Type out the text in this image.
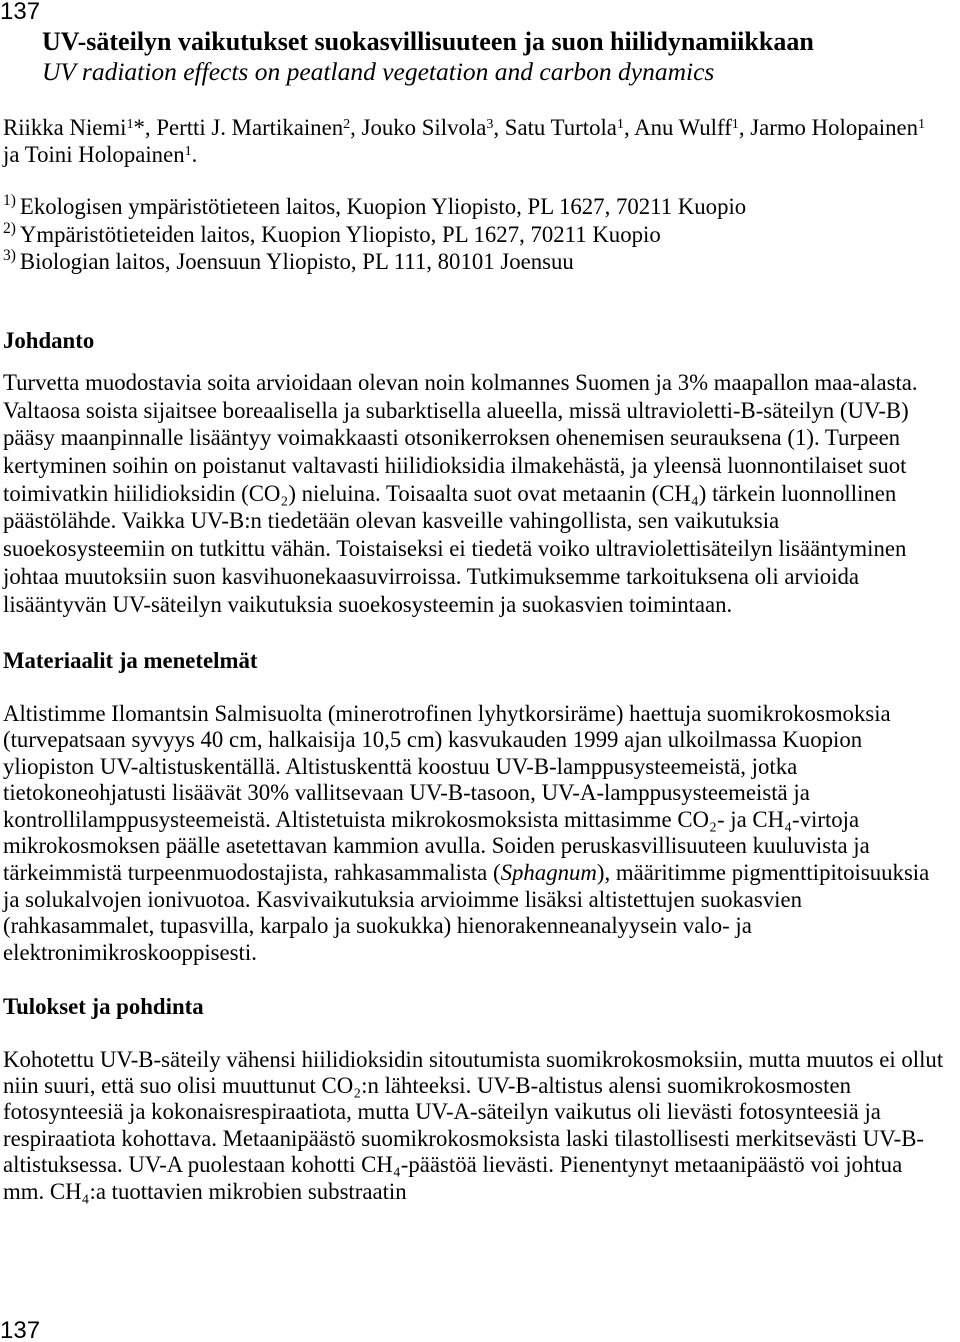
137
UV-säteilyn vaikutukset suokasvillisuuteen ja suon hiilidynamiikkaan
UV radiation effects on peatland vegetation and carbon dynamics
Riikka Niemi$^1$*, Pertti J. Martikainen$^2$, Jouko Silvola$^3$, Satu Turtola$^1$, Anu Wulff$^1$, Jarmo Holopainen$^1$
ja Toini Holopainen$^1$.
$^{1)}$ Ekologisen ympäristötieteen laitos, Kuopion Yliopisto, PL 1627, 70211 Kuopio
$^{2)}$ Ympäristötieteiden laitos, Kuopion Yliopisto, PL 1627, 70211 Kuopio
$^{3)}$ Biologian laitos, Joensuun Yliopisto, PL 111, 80101 Joensuu
Johdanto
Turvetta muodostavia soita arvioidaan olevan noin kolmannes Suomen ja 3% maapallon maa-alasta.
Valtaosa soista sijaitsee boreaalisella ja subarktisella alueella, missä ultravioletti-B-säteilyn (UV-B)
pääsy maanpinnalle lisääntyy voimakkaasti otsonikerroksen ohenemisen seurauksena (1). Turpeen
kertyminen soihin on poistanut valtavasti hiilidioksidia ilmakehästä, ja yleensä luonnontilaiset suot
toimivatkin hiilidioksidin (CO₂) nieluina. Toisaalta suot ovat metaanin (CH₄) tärkein luonnollinen
päästölähde. Vaikka UV-B:n tiedetään olevan kasveille vahingollista, sen vaikutuksia
suoekosysteemiin on tutkittu vähän. Toistaiseksi ei tiedetä voiko ultraviolettisäteilyn lisääntyminen
johtaa muutoksiin suon kasvihuonekaasuvirroissa. Tutkimuksemme tarkoituksena oli arvioida
lisääntyvän UV-säteilyn vaikutuksia suoekosysteemin ja suokasvien toimintaan.
Materiaalit ja menetelmät
Altistimme Ilomantsin Salmisuolta (minerotrofinen lyhytkorsiräme) haettuja suomikrokosmoksia
(turvepatsaan syvyys 40 cm, halkaisija 10,5 cm) kasvukauden 1999 ajan ulkoilmassa Kuopion
yliopiston UV-altistuskentällä. Altistuskenttä koostuu UV-B-lamppusysteemeistä, jotka
tietokoneohjatusti lisäävät 30% vallitsevaan UV-B-tasoon, UV-A-lamppusysteemeistä ja
kontrollilamppusysteemeistä. Altistetuista mikrokosmoksista mittasimme CO₂- ja CH₄-virtoja
mikrokosmoksen päälle asetettavan kammion avulla. Soiden peruskasvillisuuteen kuuluvista ja
tärkeimmistä turpeenmuodostajista, rahkasammalista (Sphagnum), määritimme pigmenttipitoisuuksia
ja solukalvojen ionivuotoa. Kasvivaikutuksia arvioimme lisäksi altistettujen suokasvien
(rahkasammalet, tupasvilla, karpalo ja suokukka) hienorakenneanalyysein valo- ja
elektronimikroskooppisesti.
Tulokset ja pohdinta
Kohotettu UV-B-säteily vähensi hiilidioksidin sitoutumista suomikrokosmoksiin, mutta muutos ei ollut
niin suuri, että suo olisi muuttunut CO₂:n lähteeksi. UV-B-altistus alensi suomikrokosmosten
fotosynteesiä ja kokonaisrespiraatiota, mutta UV-A-säteilyn vaikutus oli lievästi fotosynteesiä ja
respiraatiota kohottava. Metaanipäästö suomikrokosmoksista laski tilastollisesti merkitsevästi UV-B-
altistuksessa. UV-A puolestaan kohotti CH₄-päästöä lievästi. Pienentynyt metaanipäästö voi johtua
mm. CH₄:a tuottavien mikrobien substraatin
137
